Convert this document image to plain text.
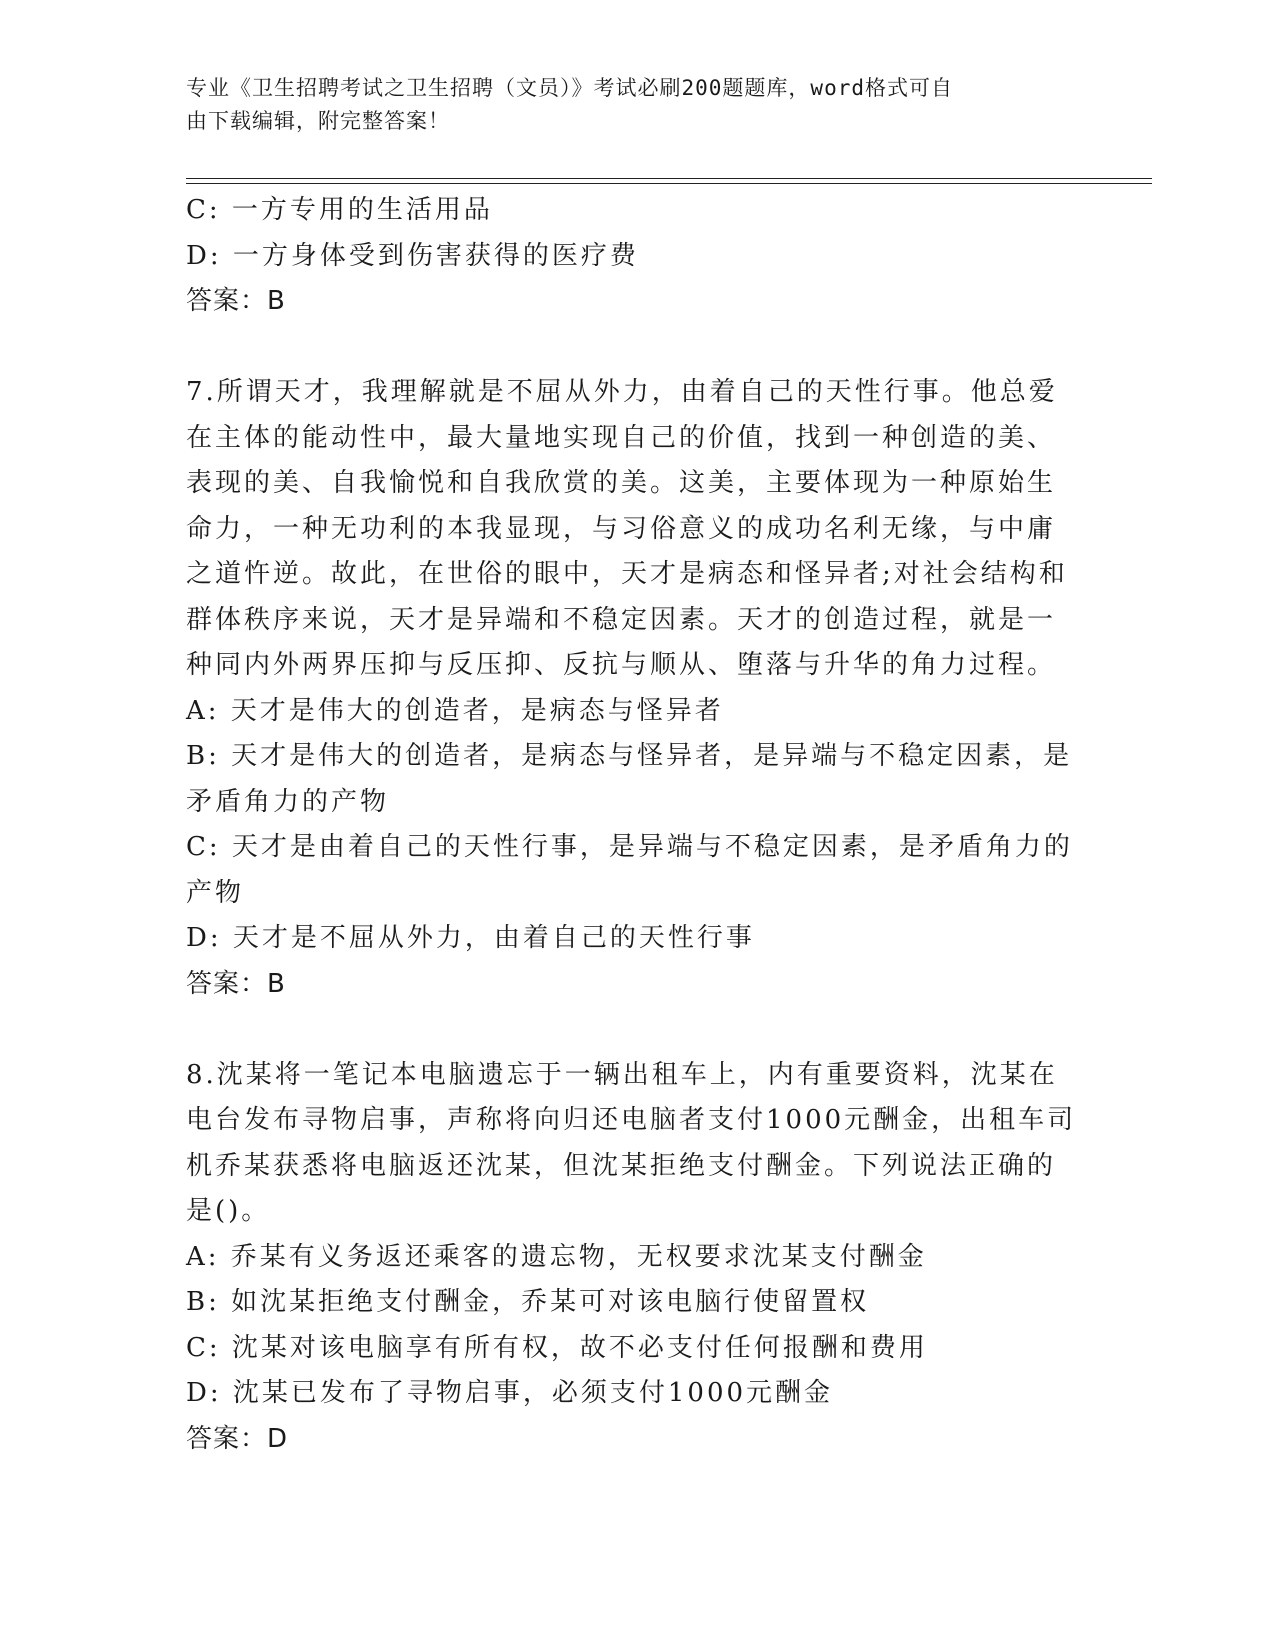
专业《卫生招聘考试之卫生招聘（文员）》考试必刷200题题库，word格式可自
由下载编辑，附完整答案！
C: 一方专用的生活用品
D: 一方身体受到伤害获得的医疗费
答案：B
7.所谓天才，我理解就是不屈从外力，由着自己的天性行事。他总爱
在主体的能动性中，最大量地实现自己的价值，找到一种创造的美、
表现的美、自我愉悦和自我欣赏的美。这美，主要体现为一种原始生
命力，一种无功利的本我显现，与习俗意义的成功名利无缘，与中庸
之道忤逆。故此，在世俗的眼中，天才是病态和怪异者;对社会结构和
群体秩序来说，天才是异端和不稳定因素。天才的创造过程，就是一
种同内外两界压抑与反压抑、反抗与顺从、堕落与升华的角力过程。
A: 天才是伟大的创造者，是病态与怪异者
B: 天才是伟大的创造者，是病态与怪异者，是异端与不稳定因素，是
矛盾角力的产物
C: 天才是由着自己的天性行事，是异端与不稳定因素，是矛盾角力的
产物
D: 天才是不屈从外力，由着自己的天性行事
答案：B
8.沈某将一笔记本电脑遗忘于一辆出租车上，内有重要资料，沈某在
电台发布寻物启事，声称将向归还电脑者支付1000元酬金，出租车司
机乔某获悉将电脑返还沈某，但沈某拒绝支付酬金。下列说法正确的
是()。
A: 乔某有义务返还乘客的遗忘物，无权要求沈某支付酬金
B: 如沈某拒绝支付酬金，乔某可对该电脑行使留置权
C: 沈某对该电脑享有所有权，故不必支付任何报酬和费用
D: 沈某已发布了寻物启事，必须支付1000元酬金
答案：D
